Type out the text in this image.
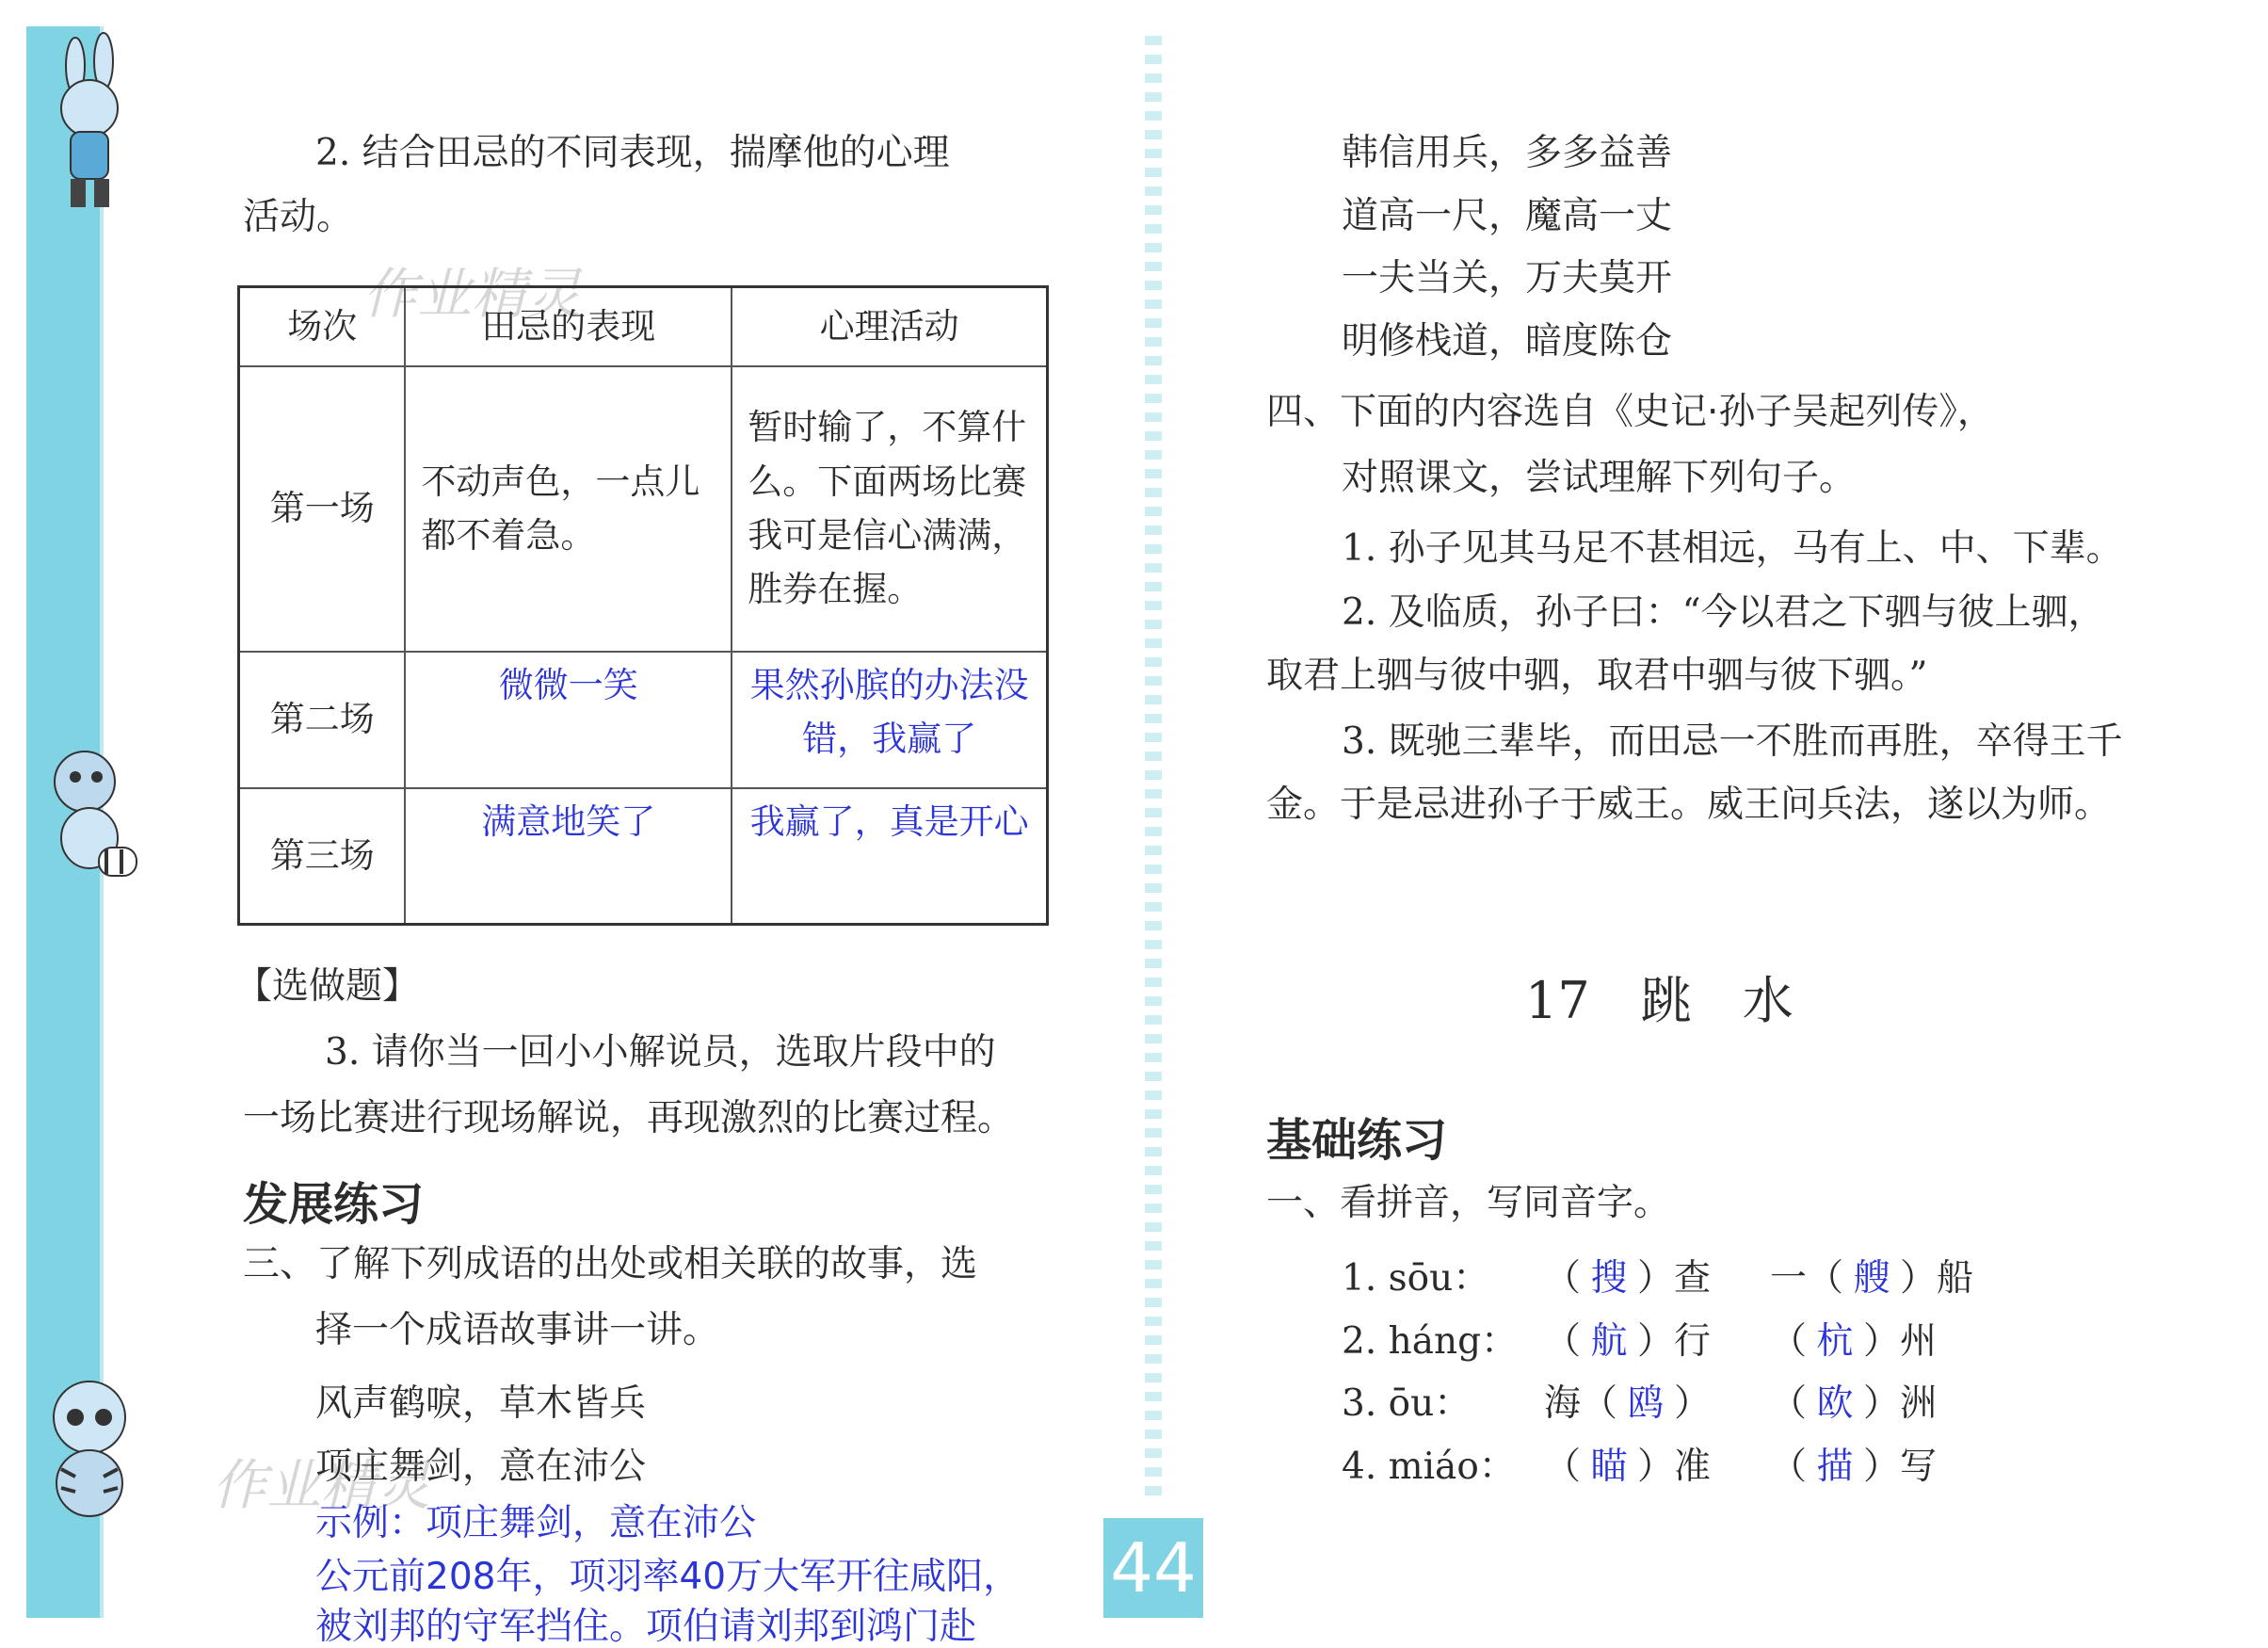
作业精灵
作业精灵
44
2. 结合田忌的不同表现，揣摩他的心理
活动。
场次	田忌的表现	心理活动
第一场	不动声色，一点儿都不着急。	暂时输了，不算什么。下面两场比赛我可是信心满满，胜券在握。
第二场	微微一笑	果然孙膑的办法没错，我赢了
第三场	满意地笑了	我赢了，真是开心
【选做题】
3. 请你当一回小小解说员，选取片段中的
一场比赛进行现场解说，再现激烈的比赛过程。
发展练习
三、了解下列成语的出处或相关联的故事，选
择一个成语故事讲一讲。
风声鹤唳，草木皆兵
项庄舞剑，意在沛公
示例：项庄舞剑，意在沛公
公元前208年，项羽率40万大军开往咸阳，
被刘邦的守军挡住。项伯请刘邦到鸿门赴
韩信用兵，多多益善
道高一尺，魔高一丈
一夫当关，万夫莫开
明修栈道，暗度陈仓
四、下面的内容选自《史记·孙子吴起列传》，
对照课文，尝试理解下列句子。
1. 孙子见其马足不甚相远，马有上、中、下辈。
2. 及临质，孙子曰：“今以君之下驷与彼上驷，
取君上驷与彼中驷，取君中驷与彼下驷。”
3. 既驰三辈毕，而田忌一不胜而再胜，卒得王千
金。于是忌进孙子于威王。威王问兵法，遂以为师。
17　跳　水
基础练习
一、看拼音，写同音字。
1. sōu： （ 搜 ）查 一（ 艘 ）船
2. háng： （ 航 ）行 （ 杭 ）州
3. ōu： 海（ 鸥 ） （ 欧 ）洲
4. miáo： （ 瞄 ）准 （ 描 ）写
